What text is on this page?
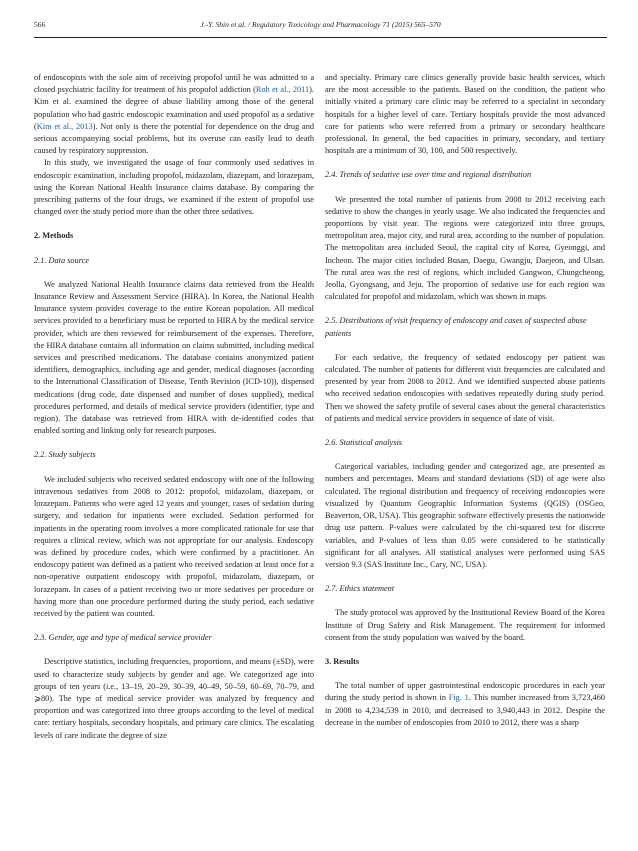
566	J.-Y. Shin et al. / Regulatory Toxicology and Pharmacology 71 (2015) 565–570

of endoscopists with the sole aim of receiving propofol until he was admitted to a closed psychiatric facility for treatment of his propofol addiction (Roh et al., 2011). Kim et al. examined the degree of abuse liability among those of the general population who had gastric endoscopic examination and used propofol as a sedative (Kim et al., 2013). Not only is there the potential for dependence on the drug and serious accompanying social problems, but its overuse can easily lead to death caused by respiratory suppression.

In this study, we investigated the usage of four commonly used sedatives in endoscopic examination, including propofol, midazolam, diazepam, and lorazepam, using the Korean National Health Insurance claims database. By comparing the prescribing patterns of the four drugs, we examined if the extent of propofol use changed over the study period more than the other three sedatives.

2. Methods
2.1. Data source

We analyzed National Health Insurance claims data retrieved from the Health Insurance Review and Assessment Service (HIRA). In Korea, the National Health Insurance system provides coverage to the entire Korean population. All medical services provided to a beneficiary must be reported to HIRA by the medical service provider, which are then reviewed for reimbursement of the expenses. Therefore, the HIRA database contains all information on claims submitted, including medical services and prescribed medications. The database contains anonymized patient identifiers, demographics, including age and gender, medical diagnoses (according to the International Classification of Disease, Tenth Revision (ICD-10)), dispensed medications (drug code, date dispensed and number of doses supplied), medical procedures performed, and details of medical service providers (identifier, type and region). The database was retrieved from HIRA with de-identified codes that enabled sorting and linking only for research purposes.

2.2. Study subjects

We included subjects who received sedated endoscopy with one of the following intravenous sedatives from 2008 to 2012: propofol, midazolam, diazepam, or lorazepam. Patients who were aged 12 years and younger, cases of sedation during surgery, and sedation for inpatients were excluded. Sedation performed for inpatients in the operating room involves a more complicated rationale for use that requires a clinical review, which was not appropriate for our analysis. Endoscopy was defined by procedure codes, which were confirmed by a practitioner. An endoscopy patient was defined as a patient who received sedation at least once for a non-operative outpatient endoscopy with propofol, midazolam, diazepam, or lorazepam. In cases of a patient receiving two or more sedatives per procedure or having more than one procedure performed during the study period, each sedative received by the patient was counted.

2.3. Gender, age and type of medical service provider

Descriptive statistics, including frequencies, proportions, and means (±SD), were used to characterize study subjects by gender and age. We categorized age into groups of ten years (i.e., 13–19, 20–29, 30–39, 40–49, 50–59, 60–69, 70–79, and ⩾80). The type of medical service provider was analyzed by frequency and proportion and was categorized into three groups according to the level of medical care: tertiary hospitals, secondary hospitals, and primary care clinics. The escalating levels of care indicate the degree of size

and specialty. Primary care clinics generally provide basic health services, which are the most accessible to the patients. Based on the condition, the patient who initially visited a primary care clinic may be referred to a specialist in secondary hospitals for a higher level of care. Tertiary hospitals provide the most advanced care for patients who were referred from a primary or secondary healthcare professional. In general, the bed capacities in primary, secondary, and tertiary hospitals are a minimum of 30, 100, and 500 respectively.

2.4. Trends of sedative use over time and regional distribution

We presented the total number of patients from 2008 to 2012 receiving each sedative to show the changes in yearly usage. We also indicated the frequencies and proportions by visit year. The regions were categorized into three groups, metropolitan area, major city, and rural area, according to the number of population. The metropolitan area included Seoul, the capital city of Korea, Gyeonggi, and Incheon. The major cities included Busan, Daegu, Gwangju, Daejeon, and Ulsan. The rural area was the rest of regions, which included Gangwon, Chungcheong, Jeolla, Gyongsang, and Jeju. The proportion of sedative use for each region was calculated for propofol and midazolam, which was shown in maps.

2.5. Distributions of visit frequency of endoscopy and cases of suspected abuse patients

For each sedative, the frequency of sedated endoscopy per patient was calculated. The number of patients for different visit frequencies are calculated and presented by year from 2008 to 2012. And we identified suspected abuse patients who received sedation endoscopies with sedatives repeatedly during study period. Then we showed the safety profile of several cases about the general characteristics of patients and medical service providers in sequence of date of visit.

2.6. Statistical analysis

Categorical variables, including gender and categorized age, are presented as numbers and percentages. Means and standard deviations (SD) of age were also calculated. The regional distribution and frequency of receiving endoscopies were visualized by Quantum Geographic Information Systems (QGIS) (OSGeo, Beaverton, OR, USA). This geographic software effectively presents the nationwide drug use pattern. P-values were calculated by the chi-squared test for discrete variables, and P-values of less than 0.05 were considered to be statistically significant for all analyses. All statistical analyses were performed using SAS version 9.3 (SAS Institute Inc., Cary, NC, USA).

2.7. Ethics statement

The study protocol was approved by the Institutional Review Board of the Korea Institute of Drug Safety and Risk Management. The requirement for informed consent from the study population was waived by the board.

3. Results

The total number of upper gastrointestinal endoscopic procedures in each year during the study period is shown in Fig. 1. This number increased from 3,723,460 in 2008 to 4,234,539 in 2010, and decreased to 3,940,443 in 2012. Despite the decrease in the number of endoscopies from 2010 to 2012, there was a sharp
